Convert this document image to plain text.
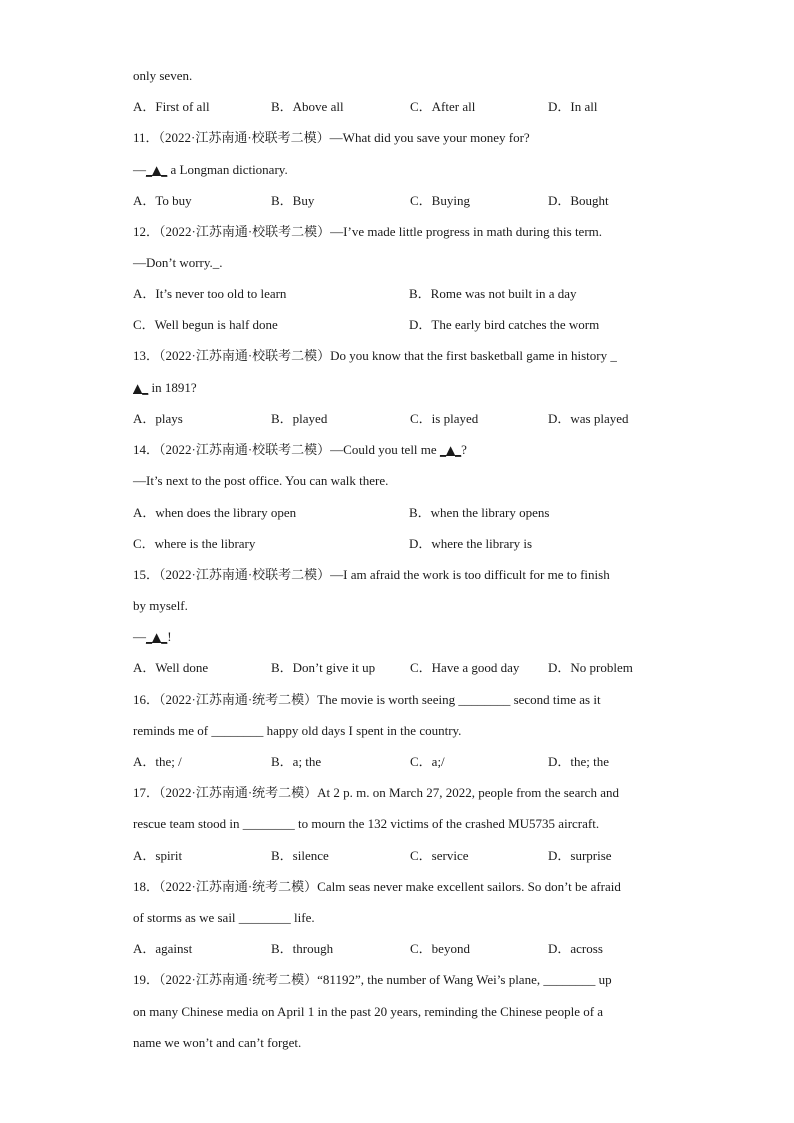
only seven.
A．First of all	B．Above all	C．After all	D．In all
11．（2022·江苏南通·校联考二模）—What did you save your money for?
—_▲_ a Longman dictionary.
A．To buy	B．Buy	C．Buying	D．Bought
12．（2022·江苏南通·校联考二模）—I’ve made little progress in math during this term.
—Don’t worry._.
A．It’s never too old to learn	B．Rome was not built in a day
C．Well begun is half done	D．The early bird catches the worm
13．（2022·江苏南通·校联考二模）Do you know that the first basketball game in history _
▲_ in 1891?
A．plays	B．played	C．is played	D．was played
14．（2022·江苏南通·校联考二模）—Could you tell me _▲_?
—It’s next to the post office. You can walk there.
A．when does the library open	B．when the library opens
C．where is the library	D．where the library is
15．（2022·江苏南通·校联考二模）—I am afraid the work is too difficult for me to finish
by myself.
—_▲_!
A．Well done	B．Don’t give it up	C．Have a good day D．No problem
16．（2022·江苏南通·统考二模）The movie is worth seeing ________ second time as it
reminds me of ________ happy old days I spent in the country.
A．the; /	B．a; the	C．a;/	D．the; the
17．（2022·江苏南通·统考二模）At 2 p. m. on March 27, 2022, people from the search and
rescue team stood in ________ to mourn the 132 victims of the crashed MU5735 aircraft.
A．spirit	B．silence	C．service	D．surprise
18．（2022·江苏南通·统考二模）Calm seas never make excellent sailors. So don’t be afraid
of storms as we sail ________ life.
A．against	B．through	C．beyond	D．across
19．（2022·江苏南通·统考二模）“81192”, the number of Wang Wei’s plane, ________ up
on many Chinese media on April 1 in the past 20 years, reminding the Chinese people of a
name we won’t and can’t forget.
